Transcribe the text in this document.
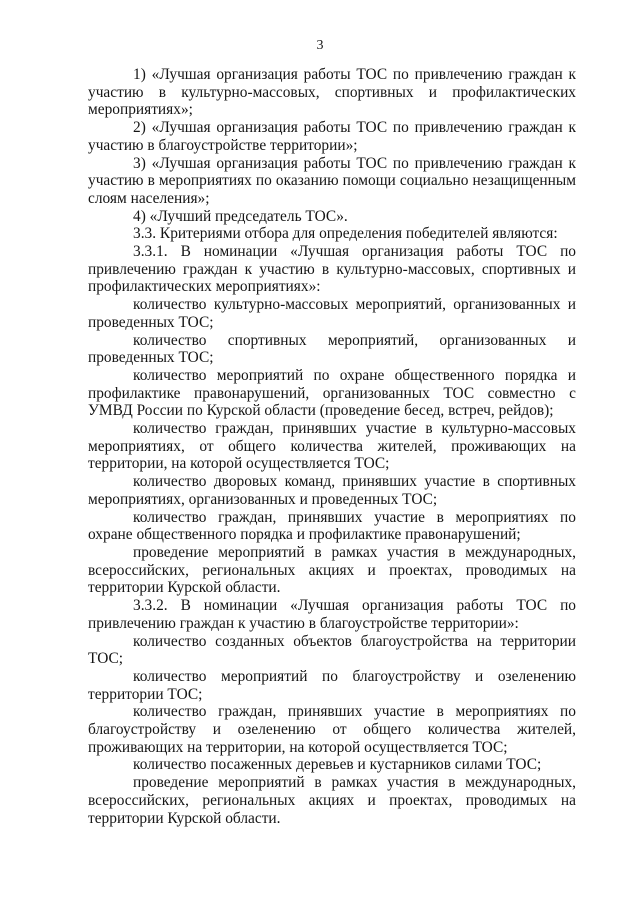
3

1) «Лучшая организация работы ТОС по привлечению граждан к участию в культурно-массовых, спортивных и профилактических мероприятиях»;

2) «Лучшая организация работы ТОС по привлечению граждан к участию в благоустройстве территории»;

3) «Лучшая организация работы ТОС по привлечению граждан к участию в мероприятиях по оказанию помощи социально незащищенным слоям населения»;

4) «Лучший председатель ТОС».

3.3. Критериями отбора для определения победителей являются:

3.3.1. В номинации «Лучшая организация работы ТОС по привлечению граждан к участию в культурно-массовых, спортивных и профилактических мероприятиях»:

количество культурно-массовых мероприятий, организованных и проведенных ТОС;

количество спортивных мероприятий, организованных и проведенных ТОС;

количество мероприятий по охране общественного порядка и профилактике правонарушений, организованных ТОС совместно с УМВД России по Курской области (проведение бесед, встреч, рейдов);

количество граждан, принявших участие в культурно-массовых мероприятиях, от общего количества жителей, проживающих на территории, на которой осуществляется ТОС;

количество дворовых команд, принявших участие в спортивных мероприятиях, организованных и проведенных ТОС;

количество граждан, принявших участие в мероприятиях по охране общественного порядка и профилактике правонарушений;

проведение мероприятий в рамках участия в международных, всероссийских, региональных акциях и проектах, проводимых на территории Курской области.

3.3.2. В номинации «Лучшая организация работы ТОС по привлечению граждан к участию в благоустройстве территории»:

количество созданных объектов благоустройства на территории ТОС;

количество мероприятий по благоустройству и озеленению территории ТОС;

количество граждан, принявших участие в мероприятиях по благоустройству и озеленению от общего количества жителей, проживающих на территории, на которой осуществляется ТОС;

количество посаженных деревьев и кустарников силами ТОС;

проведение мероприятий в рамках участия в международных, всероссийских, региональных акциях и проектах, проводимых на территории Курской области.
